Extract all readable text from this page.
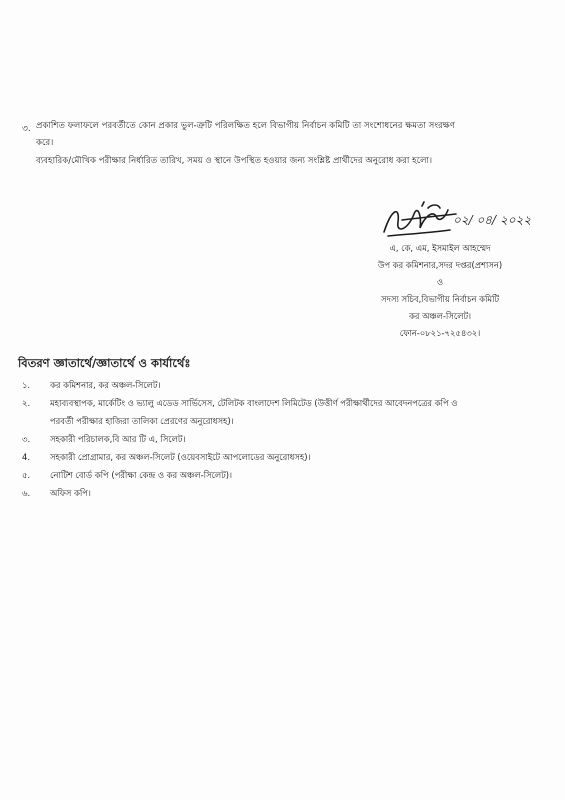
৩. প্রকাশিত ফলাফলে পরবর্তীতে কোন প্রকার ভুল-ত্রুটি পরিলক্ষিত হলে বিভাগীয় নির্বাচন কমিটি তা সংশোধনের ক্ষমতা সংরক্ষণ
করে।
ব্যবহারিক/মৌখিক পরীক্ষার নির্ধারিত তারিখ, সময় ও স্থানে উপস্থিত হওয়ার জন্য সংশ্লিষ্ট প্রার্থীদের অনুরোধ করা হলো।
০২/ ০৪/ ২০২২
এ, কে, এম, ইসমাইল আহম্মেদ
উপ কর কমিশনার,সদর দপ্তর(প্রশাসন)
ও
সদস্য সচিব,বিভাগীয় নির্বাচন কমিটি
কর অঞ্চল-সিলেট।
ফোন-০৮২১-৭২৫৪৩২।
বিতরণ জ্ঞাতার্থে/জ্ঞাতার্থে ও কার্যার্থেঃ
১. কর কমিশনার, কর অঞ্চল-সিলেট।
২. মহাব্যবস্থাপক, মার্কেটিং ও ভ্যালু এডেড সার্ভিসেস, টেলিটক বাংলাদেশ লিমিটেড (উত্তীর্ণ পরীক্ষার্থীদের আবেদনপত্রের কপি ও
পরবর্তী পরীক্ষার হাজিরা তালিকা প্রেরণের অনুরোধসহ)।
৩. সহকারী পরিচালক,বি আর টি এ, সিলেট।
4. সহকারী প্রোগ্রামার, কর অঞ্চল-সিলেট (ওয়েবসাইটে আপলোডের অনুরোধসহ)।
৫. নোটিশ বোর্ড কপি (পরীক্ষা কেন্দ্র ও কর অঞ্চল-সিলেট)।
৬. অফিস কপি।
